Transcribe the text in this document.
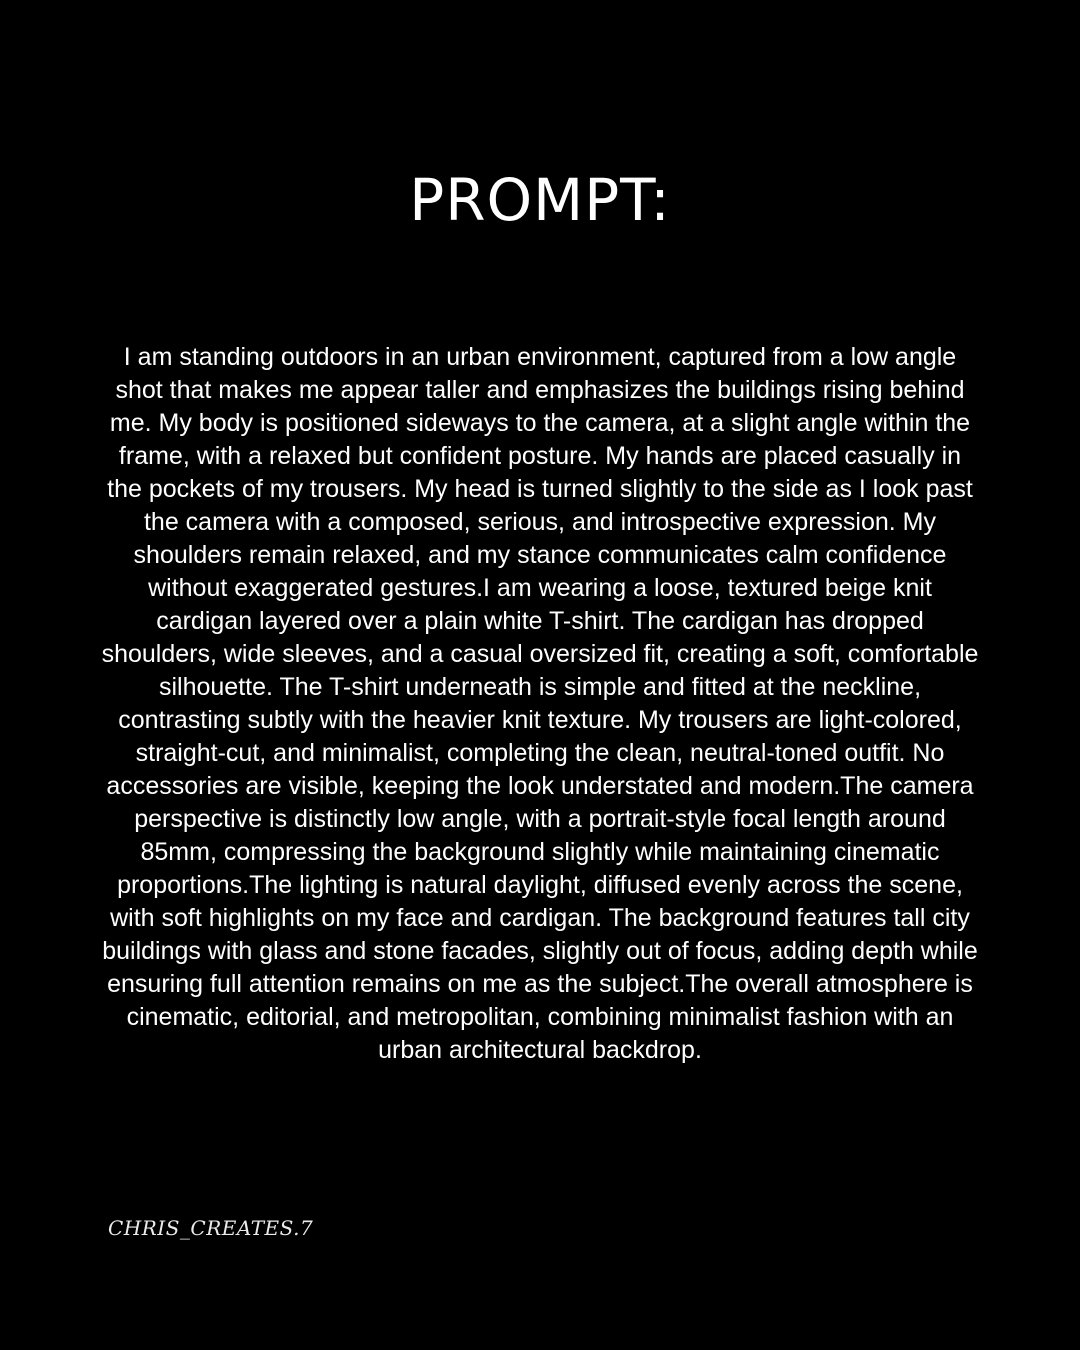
PROMPT:

I am standing outdoors in an urban environment, captured from a low angle shot that makes me appear taller and emphasizes the buildings rising behind me. My body is positioned sideways to the camera, at a slight angle within the frame, with a relaxed but confident posture. My hands are placed casually in the pockets of my trousers. My head is turned slightly to the side as I look past the camera with a composed, serious, and introspective expression. My shoulders remain relaxed, and my stance communicates calm confidence without exaggerated gestures.I am wearing a loose, textured beige knit cardigan layered over a plain white T-shirt. The cardigan has dropped shoulders, wide sleeves, and a casual oversized fit, creating a soft, comfortable silhouette. The T-shirt underneath is simple and fitted at the neckline, contrasting subtly with the heavier knit texture. My trousers are light-colored, straight-cut, and minimalist, completing the clean, neutral-toned outfit. No accessories are visible, keeping the look understated and modern.The camera perspective is distinctly low angle, with a portrait-style focal length around 85mm, compressing the background slightly while maintaining cinematic proportions.The lighting is natural daylight, diffused evenly across the scene, with soft highlights on my face and cardigan. The background features tall city buildings with glass and stone facades, slightly out of focus, adding depth while ensuring full attention remains on me as the subject.The overall atmosphere is cinematic, editorial, and metropolitan, combining minimalist fashion with an urban architectural backdrop.

CHRIS_CREATES.7
